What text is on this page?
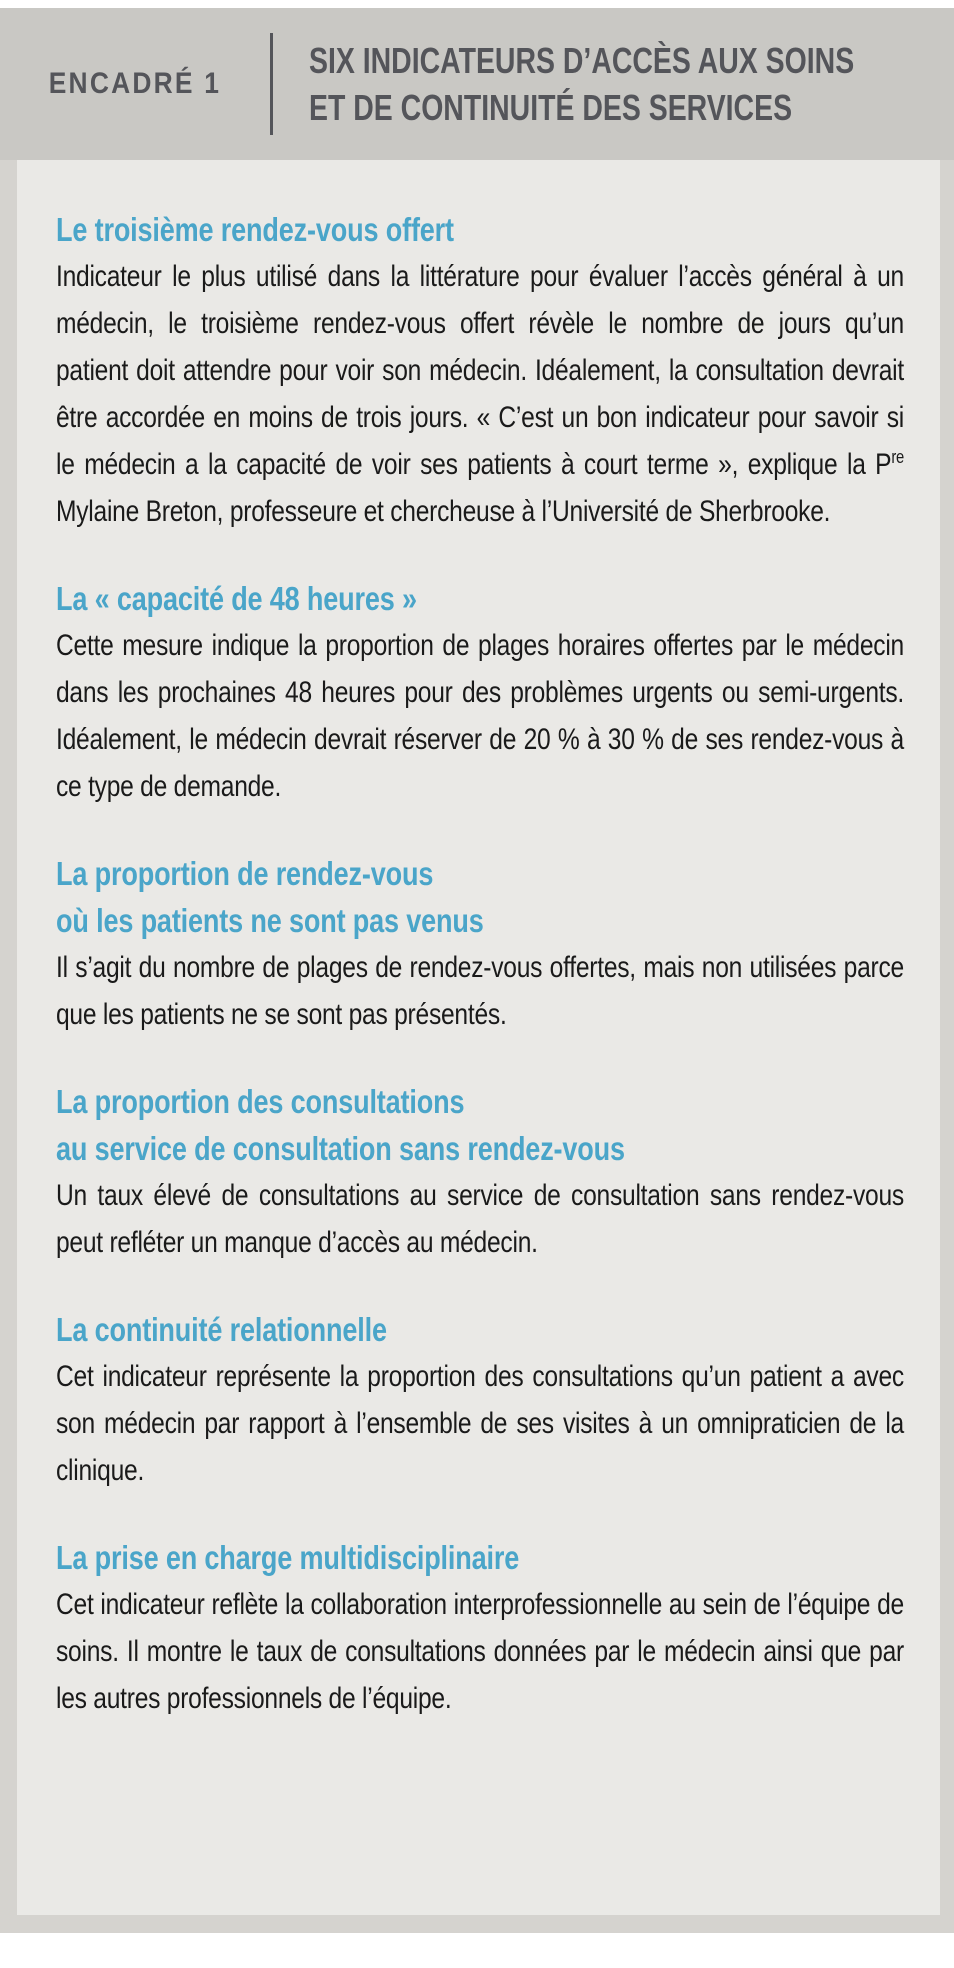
ENCADRÉ 1
SIX INDICATEURS D’ACCÈS AUX SOINS
ET DE CONTINUITÉ DES SERVICES
Le troisième rendez-vous offert

Indicateur le plus utilisé dans la littérature pour évaluer l’accès général à un médecin, le troisième rendez-vous offert révèle le nombre de jours qu’un patient doit attendre pour voir son médecin. Idéalement, la consultation devrait être accordée en moins de trois jours. « C’est un bon indicateur pour savoir si le médecin a la capacité de voir ses patients à court terme », explique la $P^{re}$ Mylaine Breton, professeure et chercheuse à l’Université de Sherbrooke.

La « capacité de 48 heures »

Cette mesure indique la proportion de plages horaires offertes par le médecin dans les prochaines 48 heures pour des problèmes urgents ou semi-urgents. Idéalement, le médecin devrait réserver de 20 % à 30 % de ses rendez-vous à ce type de demande.

La proportion de rendez-vous
où les patients ne sont pas venus

Il s’agit du nombre de plages de rendez-vous offertes, mais non utilisées parce que les patients ne se sont pas présentés.

La proportion des consultations
au service de consultation sans rendez-vous

Un taux élevé de consultations au service de consultation sans rendez-vous peut refléter un manque d’accès au médecin.

La continuité relationnelle

Cet indicateur représente la proportion des consultations qu’un patient a avec son médecin par rapport à l’ensemble de ses visites à un omnipraticien de la clinique.

La prise en charge multidisciplinaire

Cet indicateur reflète la collaboration interprofessionnelle au sein de l’équipe de soins. Il montre le taux de consultations données par le médecin ainsi que par les autres professionnels de l’équipe.
